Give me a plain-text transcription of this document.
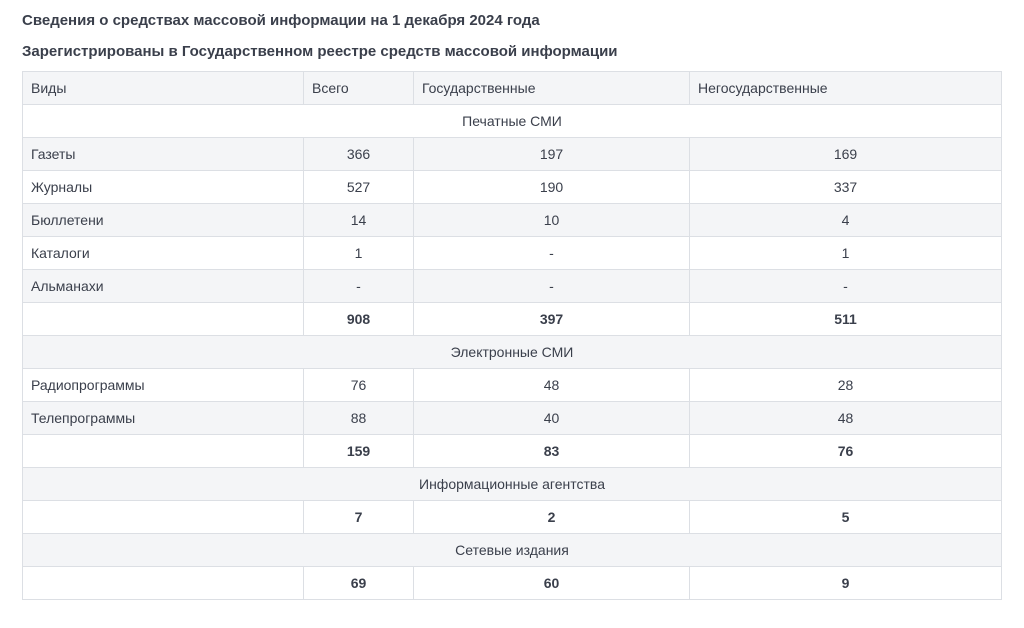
Сведения о средствах массовой информации на 1 декабря 2024 года

Зарегистрированы в Государственном реестре средств массовой информации

Виды	Всего	Государственные	Негосударственные
Печатные СМИ			
Газеты	366	197	169
Журналы	527	190	337
Бюллетени	14	10	4
Каталоги	1	-	1
Альманахи	-	-	-
	908	397	511
Электронные СМИ			
Радиопрограммы	76	48	28
Телепрограммы	88	40	48
	159	83	76
Информационные агентства			
	7	2	5
Сетевые издания			
	69	60	9
